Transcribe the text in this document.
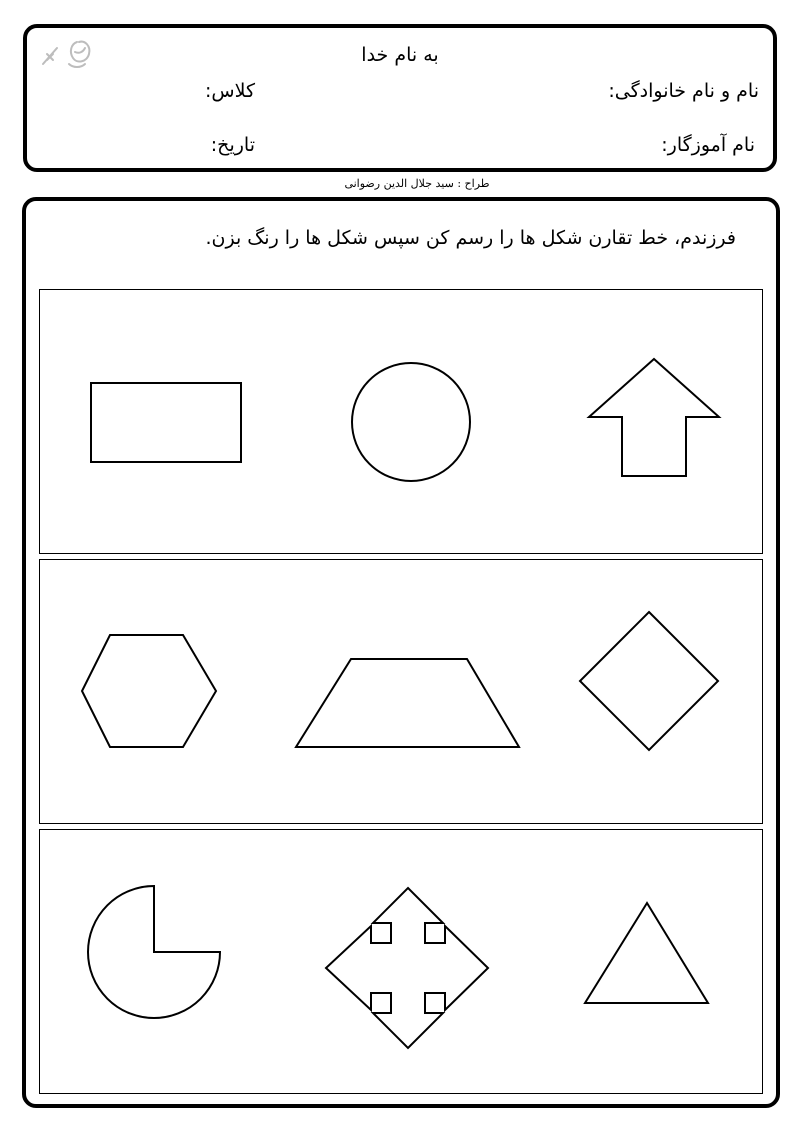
به نام خدا
نام و نام خانوادگی:
کلاس:
نام آموزگار:
تاریخ:
طراح : سید جلال الدین رضوانی
فرزندم، خط تقارن شکل ها را رسم کن سپس شکل ها را رنگ بزن.
